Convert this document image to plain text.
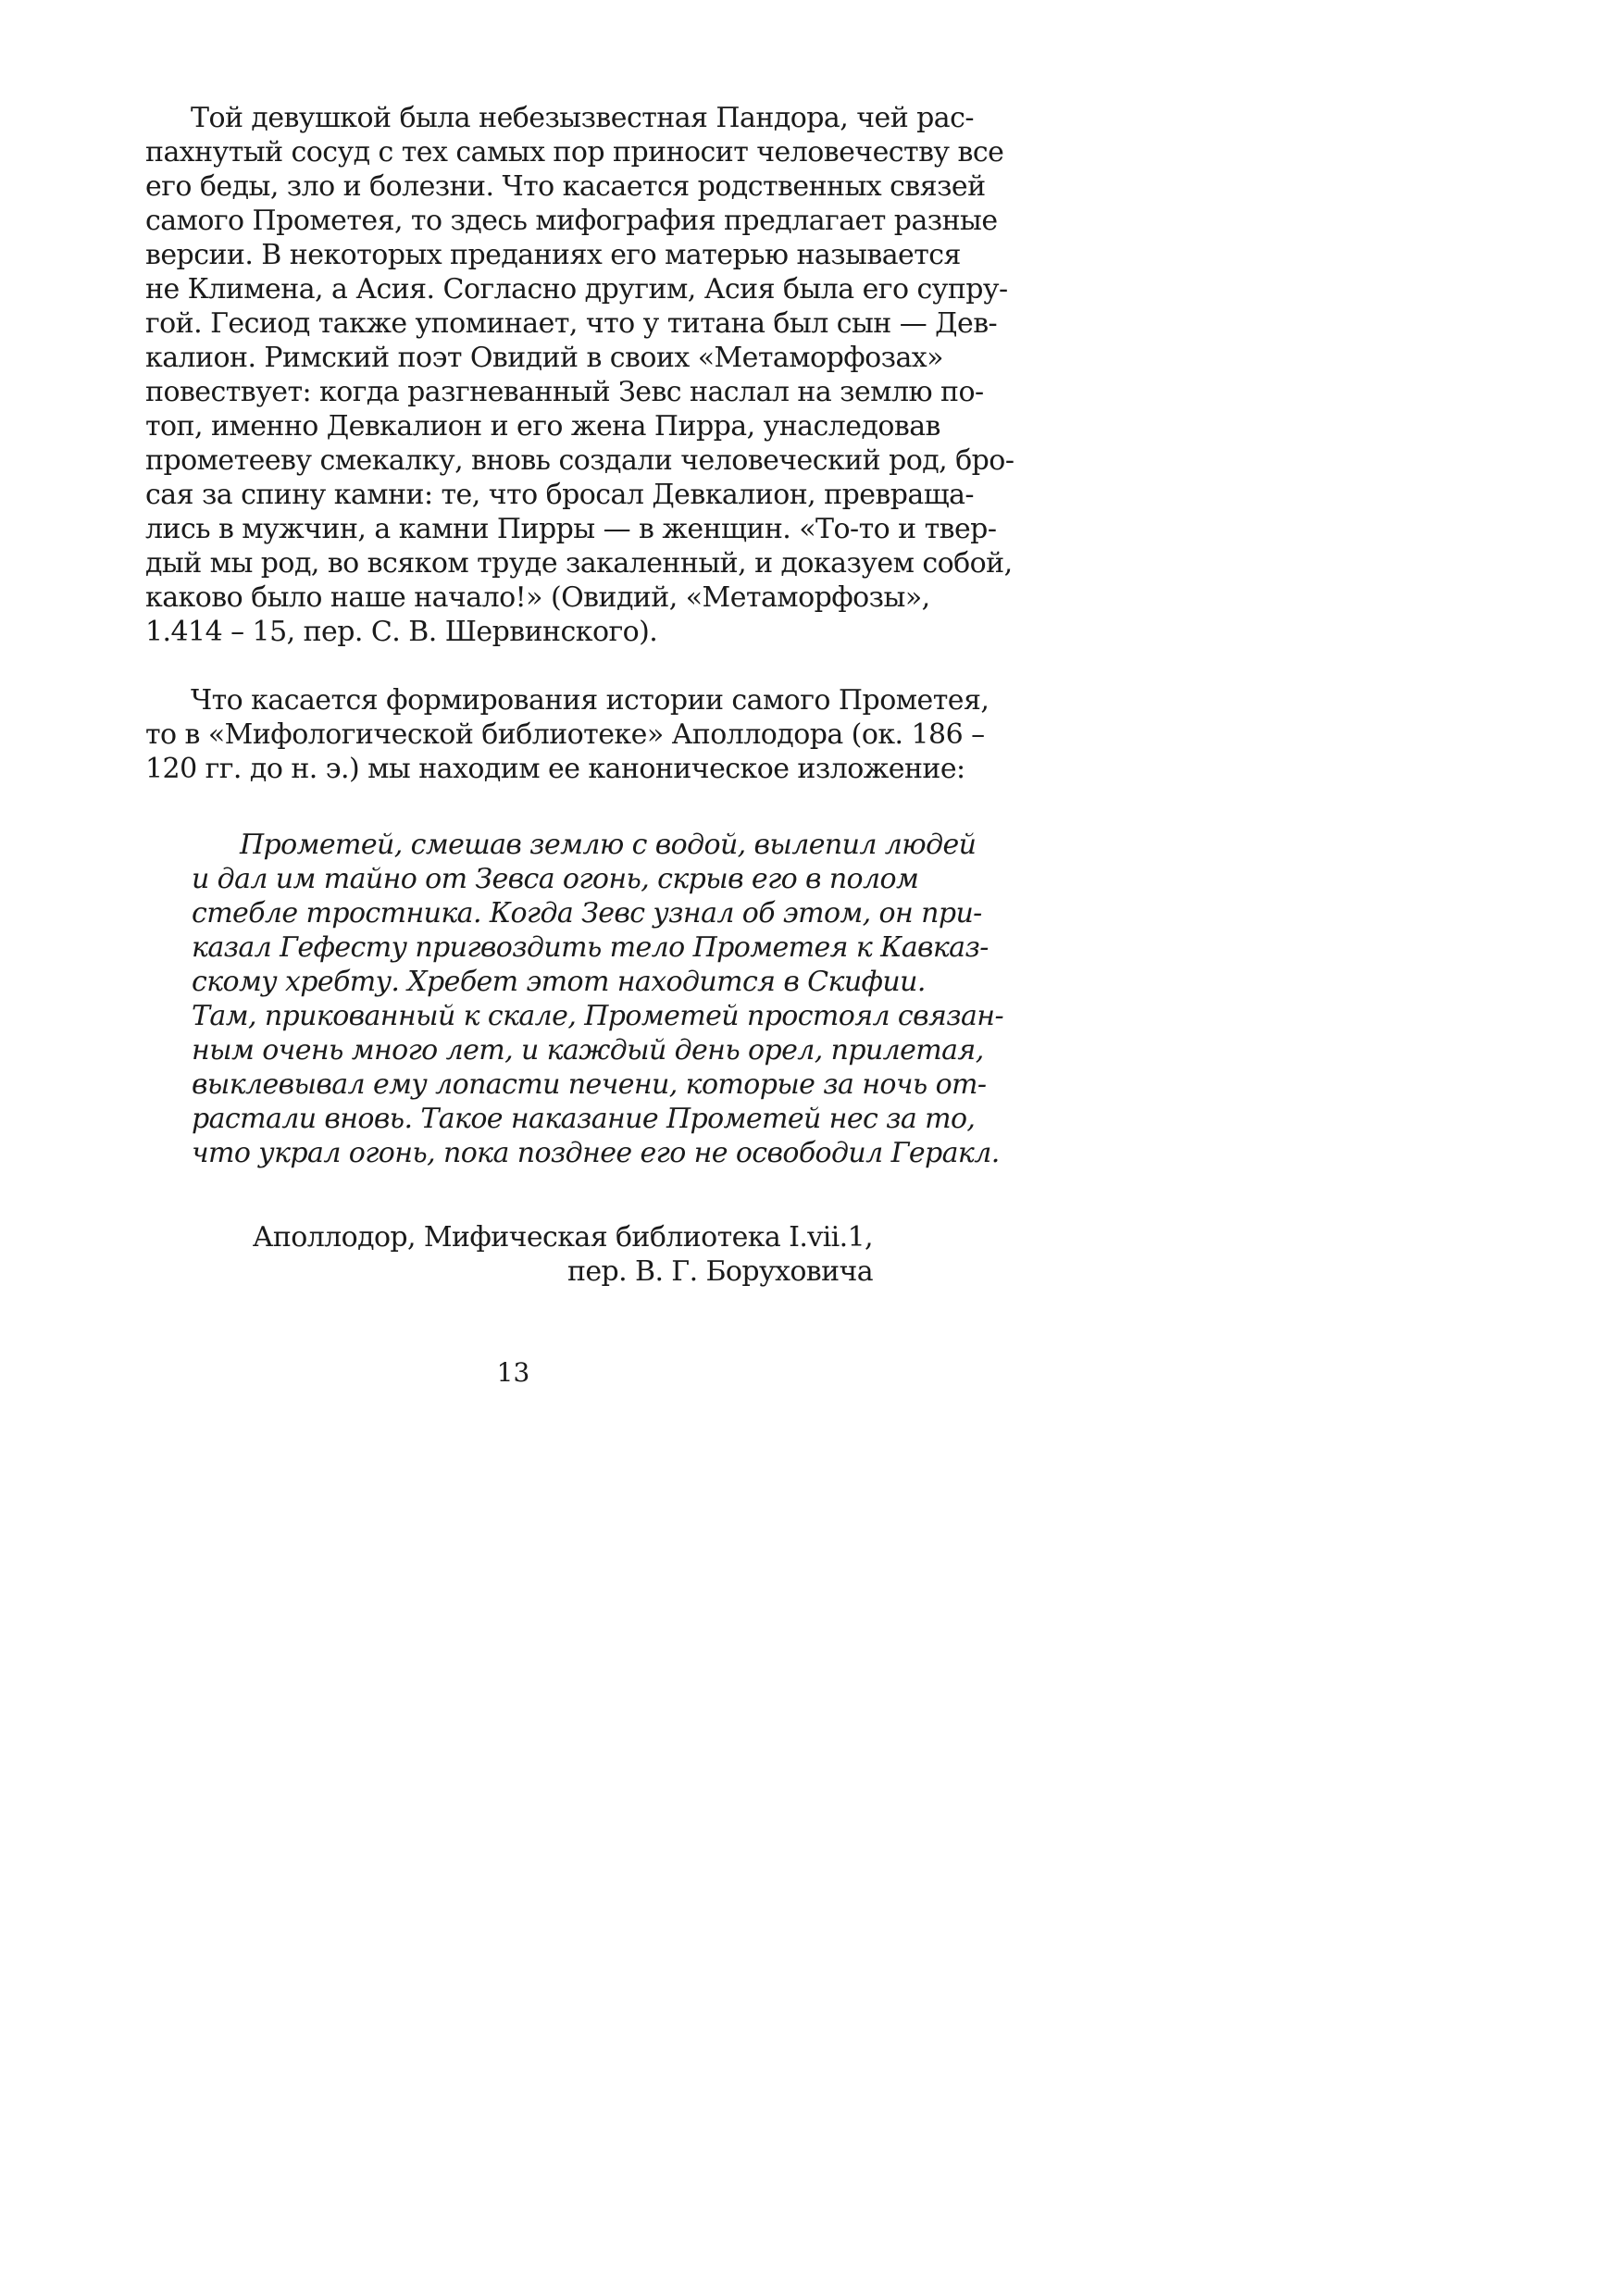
Той девушкой была небезызвестная Пандора, чей рас-
пахнутый сосуд с тех самых пор приносит человечеству все
его беды, зло и болезни. Что касается родственных связей
самого Прометея, то здесь мифография предлагает разные
версии. В некоторых преданиях его матерью называется
не Климена, а Асия. Согласно другим, Асия была его супру-
гой. Гесиод также упоминает, что у титана был сын — Дев-
калион. Римский поэт Овидий в своих «Метаморфозах»
повествует: когда разгневанный Зевс наслал на землю по-
топ, именно Девкалион и его жена Пирра, унаследовав
прометееву смекалку, вновь создали человеческий род, бро-
сая за спину камни: те, что бросал Девкалион, превраща-
лись в мужчин, а камни Пирры — в женщин. «То-то и твер-
дый мы род, во всяком труде закаленный, и доказуем собой,
каково было наше начало!» (Овидий, «Метаморфозы»,
1.414 – 15, пер. С. В. Шервинского).
Что касается формирования истории самого Прометея,
то в «Мифологической библиотеке» Аполлодора (ок. 186 –
120 гг. до н. э.) мы находим ее каноническое изложение:
Прометей, смешав землю с водой, вылепил людей
и дал им тайно от Зевса огонь, скрыв его в полом
стебле тростника. Когда Зевс узнал об этом, он при-
казал Гефесту пригвоздить тело Прометея к Кавказ-
скому хребту. Хребет этот находится в Скифии.
Там, прикованный к скале, Прометей простоял связан-
ным очень много лет, и каждый день орел, прилетая,
выклевывал ему лопасти печени, которые за ночь от-
растали вновь. Такое наказание Прометей нес за то,
что украл огонь, пока позднее его не освободил Геракл.
Аполлодор, Мифическая библиотека I.vii.1,
пер. В. Г. Боруховича
13
